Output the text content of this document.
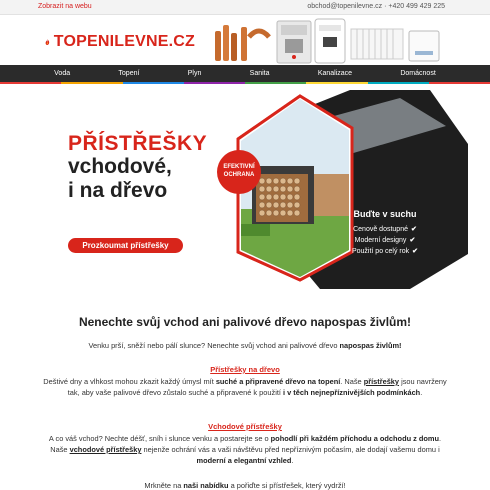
Zobrazit na webu	obchod@topenilevne.cz · +420 499 429 225
TOPENILEVNE.CZ
Voda	Topení	Plyn	Sanita	Kanalizace	Domácnost
PŘÍSTŘEŠKY
vchodové,
i na dřevo
Prozkoumat přístřešky
EFEKTIVNÍ
OCHRANA
Buďte v suchu
Cenově dostupné ✔
Moderní designy ✔
Použití po celý rok ✔
Nenechte svůj vchod ani palivové dřevo napospas živlům!
Venku prší, sněží nebo pálí slunce? Nenechte svůj vchod ani palivové dřevo napospas živlům!
Přístřešky na dřevo
Deštivé dny a vlhkost mohou zkazit každý úmysl mít suché a připravené dřevo na topení. Naše přístřešky jsou navrženy tak, aby vaše palivové dřevo zůstalo suché a připravené k použití i v těch nejnepříznivějších podmínkách.
Vchodové přístřešky
A co váš vchod? Nechte déšť, sníh i slunce venku a postarejte se o pohodlí při každém příchodu a odchodu z domu. Naše vchodové přístřešky nejenže ochrání vás a vaši návštěvu před nepříznivým počasím, ale dodají vašemu domu i moderní a elegantní vzhled.
Mrkněte na naši nabídku a pořiďte si přístřešek, který vydrží!
